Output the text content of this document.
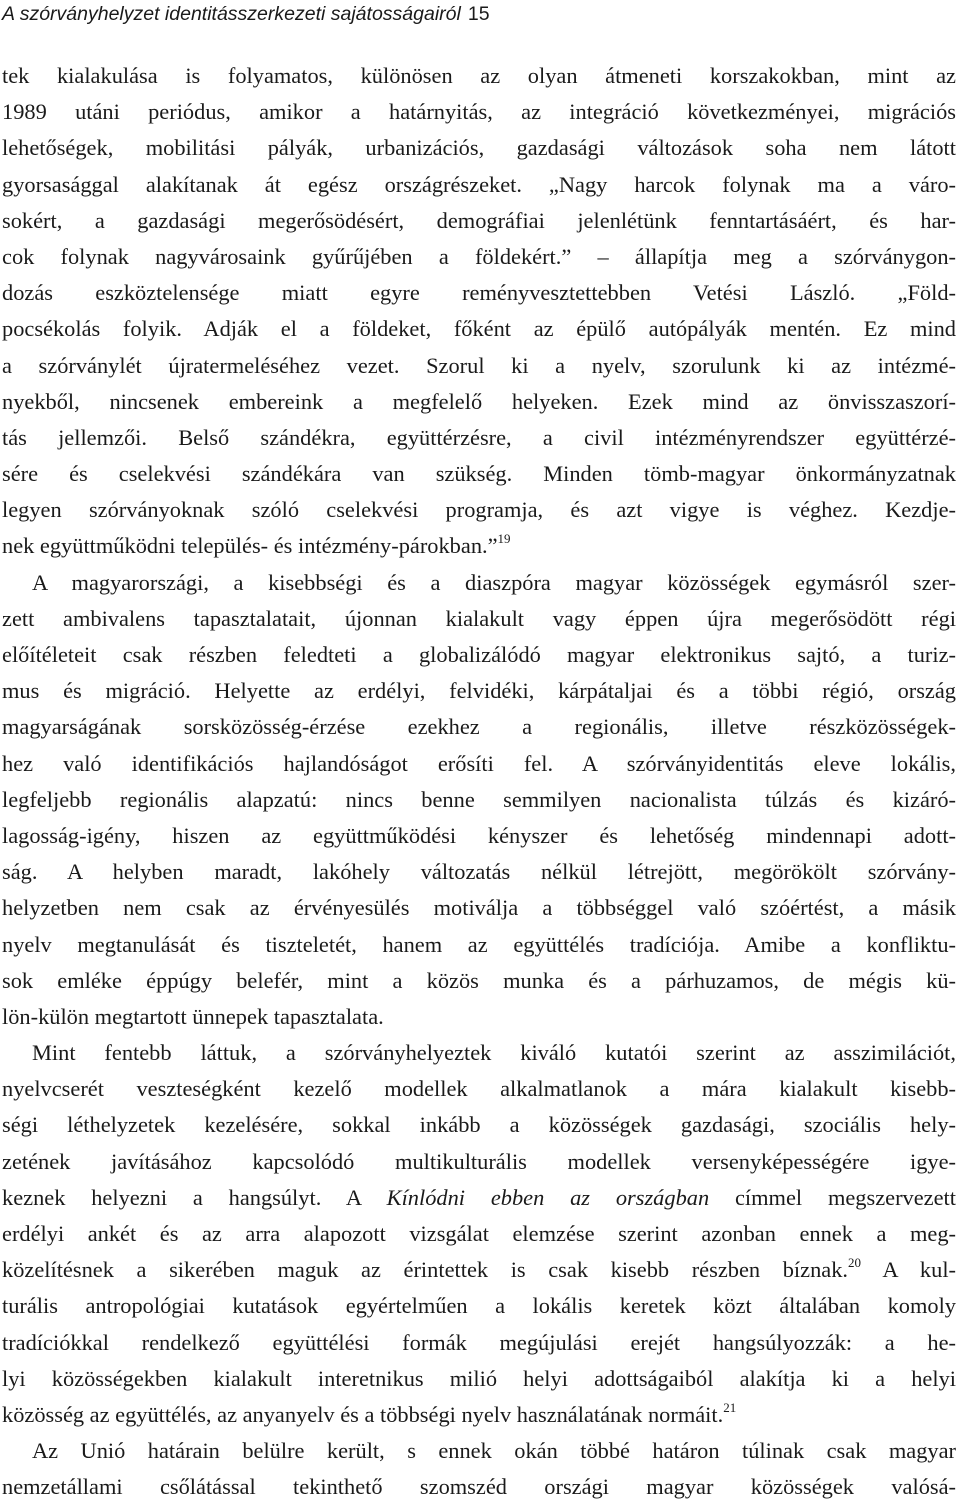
A szórványhelyzet identitásszerkezeti sajátosságairól 15
tek kialakulása is folyamatos, különösen az olyan átmeneti korszakokban, mint az
1989 utáni periódus, amikor a határnyitás, az integráció következményei, migrációs
lehetőségek, mobilitási pályák, urbanizációs, gazdasági változások soha nem látott
gyorsasággal alakítanak át egész országrészeket. „Nagy harcok folynak ma a váro-
sokért, a gazdasági megerősödésért, demográfiai jelenlétünk fenntartásáért, és har-
cok folynak nagyvárosaink gyűrűjében a földekért.” – állapítja meg a szórványgon-
dozás eszköztelensége miatt egyre reményvesztettebben Vetési László. „Föld-
pocsékolás folyik. Adják el a földeket, főként az épülő autópályák mentén. Ez mind
a szórványlét újratermeléséhez vezet. Szorul ki a nyelv, szorulunk ki az intézmé-
nyekből, nincsenek embereink a megfelelő helyeken. Ezek mind az önvisszaszorí-
tás jellemzői. Belső szándékra, együttérzésre, a civil intézményrendszer együttérzé-
sére és cselekvési szándékára van szükség. Minden tömb-magyar önkormányzatnak
legyen szórványoknak szóló cselekvési programja, és azt vigye is véghez. Kezdje-
nek együttműködni település- és intézmény-párokban.”$^{19}$
A magyarországi, a kisebbségi és a diaszpóra magyar közösségek egymásról szer-
zett ambivalens tapasztalatait, újonnan kialakult vagy éppen újra megerősödött régi
előítéleteit csak részben feledteti a globalizálódó magyar elektronikus sajtó, a turiz-
mus és migráció. Helyette az erdélyi, felvidéki, kárpátaljai és a többi régió, ország
magyarságának sorsközösség-érzése ezekhez a regionális, illetve részközösségek-
hez való identifikációs hajlandóságot erősíti fel. A szórványidentitás eleve lokális,
legfeljebb regionális alapzatú: nincs benne semmilyen nacionalista túlzás és kizáró-
lagosság-igény, hiszen az együttműködési kényszer és lehetőség mindennapi adott-
ság. A helyben maradt, lakóhely változatás nélkül létrejött, megörökölt szórvány-
helyzetben nem csak az érvényesülés motiválja a többséggel való szóértést, a másik
nyelv megtanulását és tiszteletét, hanem az együttélés tradíciója. Amibe a konfliktu-
sok emléke éppúgy belefér, mint a közös munka és a párhuzamos, de mégis kü-
lön-külön megtartott ünnepek tapasztalata.
Mint fentebb láttuk, a szórványhelyeztek kiváló kutatói szerint az asszimilációt,
nyelvcserét veszteségként kezelő modellek alkalmatlanok a mára kialakult kisebb-
ségi léthelyzetek kezelésére, sokkal inkább a közösségek gazdasági, szociális hely-
zetének javításához kapcsolódó multikulturális modellek versenyképességére igye-
keznek helyezni a hangsúlyt. A Kínlódni ebben az országban címmel megszervezett
erdélyi ankét és az arra alapozott vizsgálat elemzése szerint azonban ennek a meg-
közelítésnek a sikerében maguk az érintettek is csak kisebb részben bíznak.$^{20}$ A kul-
turális antropológiai kutatások egyértelműen a lokális keretek közt általában komoly
tradíciókkal rendelkező együttélési formák megújulási erejét hangsúlyozzák: a he-
lyi közösségekben kialakult interetnikus milió helyi adottságaiból alakítja ki a helyi
közösség az együttélés, az anyanyelv és a többségi nyelv használatának normáit.$^{21}$
Az Unió határain belülre került, s ennek okán többé határon túlinak csak magyar
nemzetállami csőlátással tekinthető szomszéd országi magyar közösségek valósá-
